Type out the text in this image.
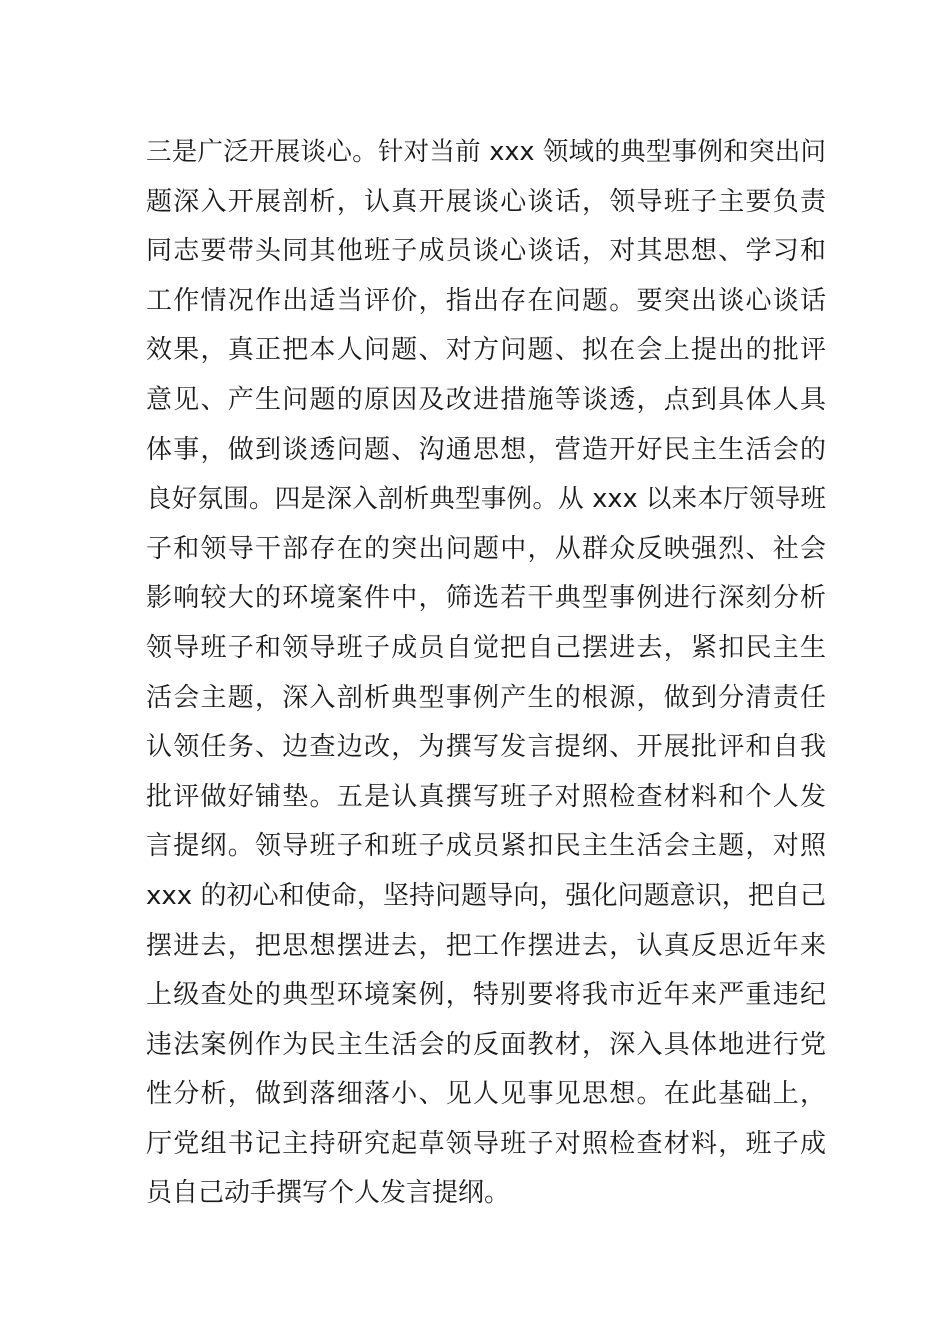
三是广泛开展谈心。针对当前 xxx 领域的典型事例和突出问
题深入开展剖析，认真开展谈心谈话，领导班子主要负责
同志要带头同其他班子成员谈心谈话，对其思想、学习和
工作情况作出适当评价，指出存在问题。要突出谈心谈话
效果，真正把本人问题、对方问题、拟在会上提出的批评
意见、产生问题的原因及改进措施等谈透，点到具体人具
体事，做到谈透问题、沟通思想，营造开好民主生活会的
良好氛围。四是深入剖析典型事例。从 xxx 以来本厅领导班
子和领导干部存在的突出问题中，从群众反映强烈、社会
影响较大的环境案件中，筛选若干典型事例进行深刻分析
领导班子和领导班子成员自觉把自己摆进去，紧扣民主生
活会主题，深入剖析典型事例产生的根源，做到分清责任
认领任务、边查边改，为撰写发言提纲、开展批评和自我
批评做好铺垫。五是认真撰写班子对照检查材料和个人发
言提纲。领导班子和班子成员紧扣民主生活会主题，对照
xxx 的初心和使命，坚持问题导向，强化问题意识，把自己
摆进去，把思想摆进去，把工作摆进去，认真反思近年来
上级查处的典型环境案例，特别要将我市近年来严重违纪
违法案例作为民主生活会的反面教材，深入具体地进行党
性分析，做到落细落小、见人见事见思想。在此基础上，
厅党组书记主持研究起草领导班子对照检查材料，班子成
员自己动手撰写个人发言提纲。
